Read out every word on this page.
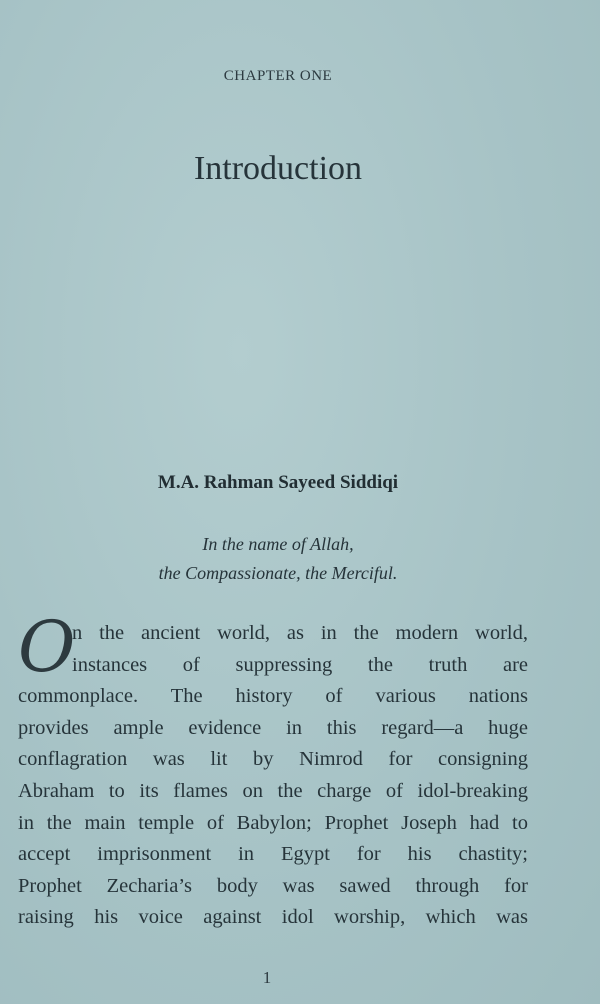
CHAPTER ONE
Introduction
M.A. Rahman Sayeed Siddiqi
In the name of Allah,
the Compassionate, the Merciful.
O
n the ancient world, as in the modern world,
instances of suppressing the truth are
commonplace. The history of various nations
provides ample evidence in this regard—a huge
conflagration was lit by Nimrod for consigning
Abraham to its flames on the charge of idol-breaking
in the main temple of Babylon; Prophet Joseph had to
accept imprisonment in Egypt for his chastity;
Prophet Zecharia’s body was sawed through for
raising his voice against idol worship, which was
1
